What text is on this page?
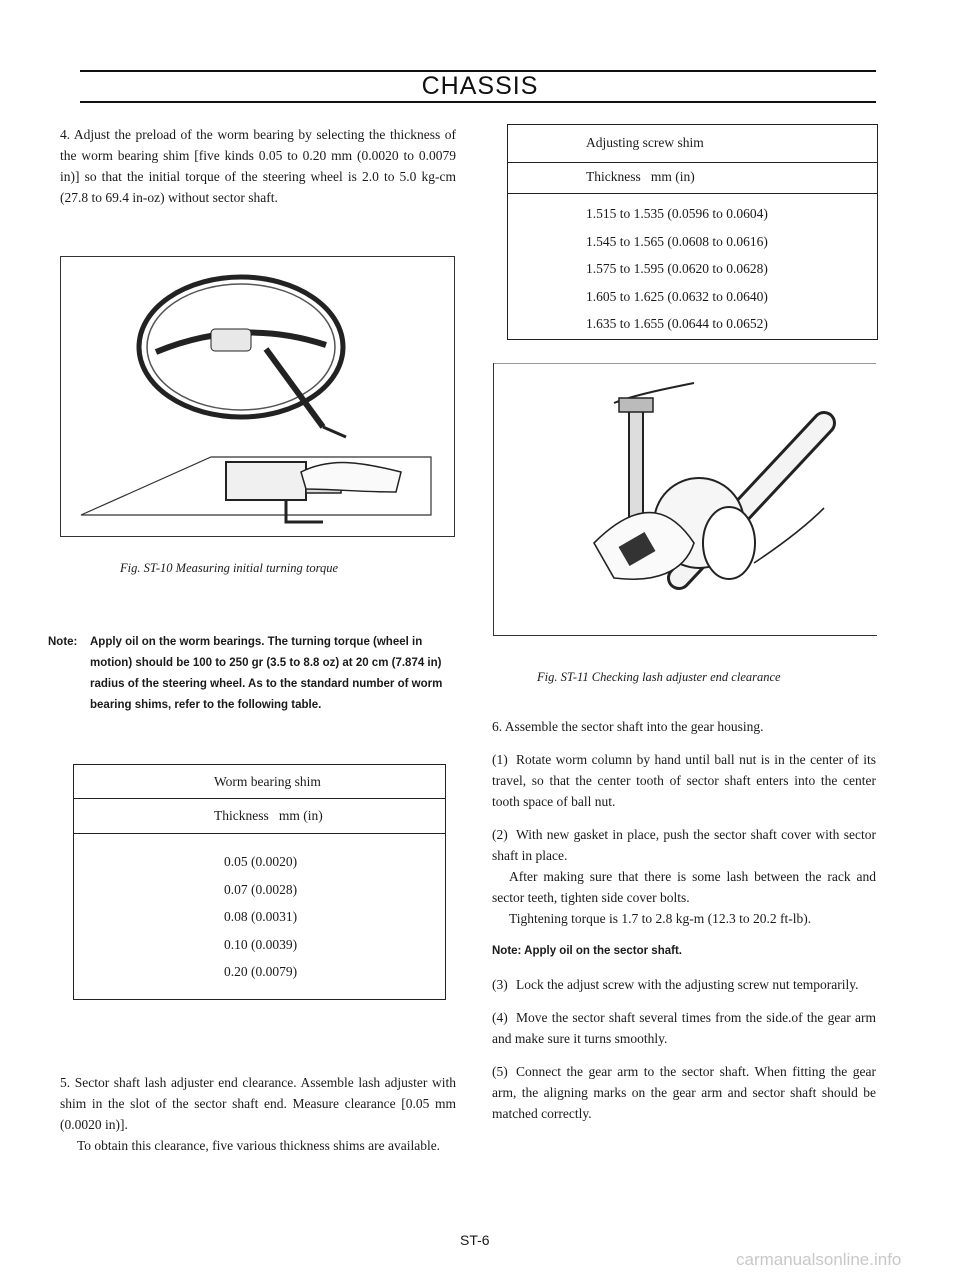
CHASSIS

4. Adjust the preload of the worm bearing by selecting the thickness of the worm bearing shim [five kinds 0.05 to 0.20 mm (0.0020 to 0.0079 in)] so that the initial torque of the steering wheel is 2.0 to 5.0 kg-cm (27.8 to 69.4 in-oz) without sector shaft.

Fig. ST-10 Measuring initial turning torque
Note: Apply oil on the worm bearings. The turning torque (wheel in motion) should be 100 to 250 gr (3.5 to 8.8 oz) at 20 cm (7.874 in) radius of the steering wheel. As to the standard number of worm bearing shims, refer to the following table.
Worm bearing shim
Thickness   mm (in)
0.05 (0.0020)
0.07 (0.0028)
0.08 (0.0031)
0.10 (0.0039)
0.20 (0.0079)

5. Sector shaft lash adjuster end clearance. Assemble lash adjuster with shim in the slot of the sector shaft end. Measure clearance [0.05 mm (0.0020 in)].

To obtain this clearance, five various thickness shims are available.

Adjusting screw shim
Thickness   mm (in)
1.515 to 1.535 (0.0596 to 0.0604)
1.545 to 1.565 (0.0608 to 0.0616)
1.575 to 1.595 (0.0620 to 0.0628)
1.605 to 1.625 (0.0632 to 0.0640)
1.635 to 1.655 (0.0644 to 0.0652)
Fig. ST-11 Checking lash adjuster end clearance

6. Assemble the sector shaft into the gear housing.

(1) Rotate worm column by hand until ball nut is in the center of its travel, so that the center tooth of sector shaft enters into the center tooth space of ball nut.

(2) With new gasket in place, push the sector shaft cover with sector shaft in place.

After making sure that there is some lash between the rack and sector teeth, tighten side cover bolts.

Tightening torque is 1.7 to 2.8 kg-m (12.3 to 20.2 ft-lb).

Note: Apply oil on the sector shaft.

(3) Lock the adjust screw with the adjusting screw nut temporarily.

(4) Move the sector shaft several times from the side.of the gear arm and make sure it turns smoothly.

(5) Connect the gear arm to the sector shaft. When fitting the gear arm, the aligning marks on the gear arm and sector shaft should be matched correctly.

ST-6
carmanualsonline.info
